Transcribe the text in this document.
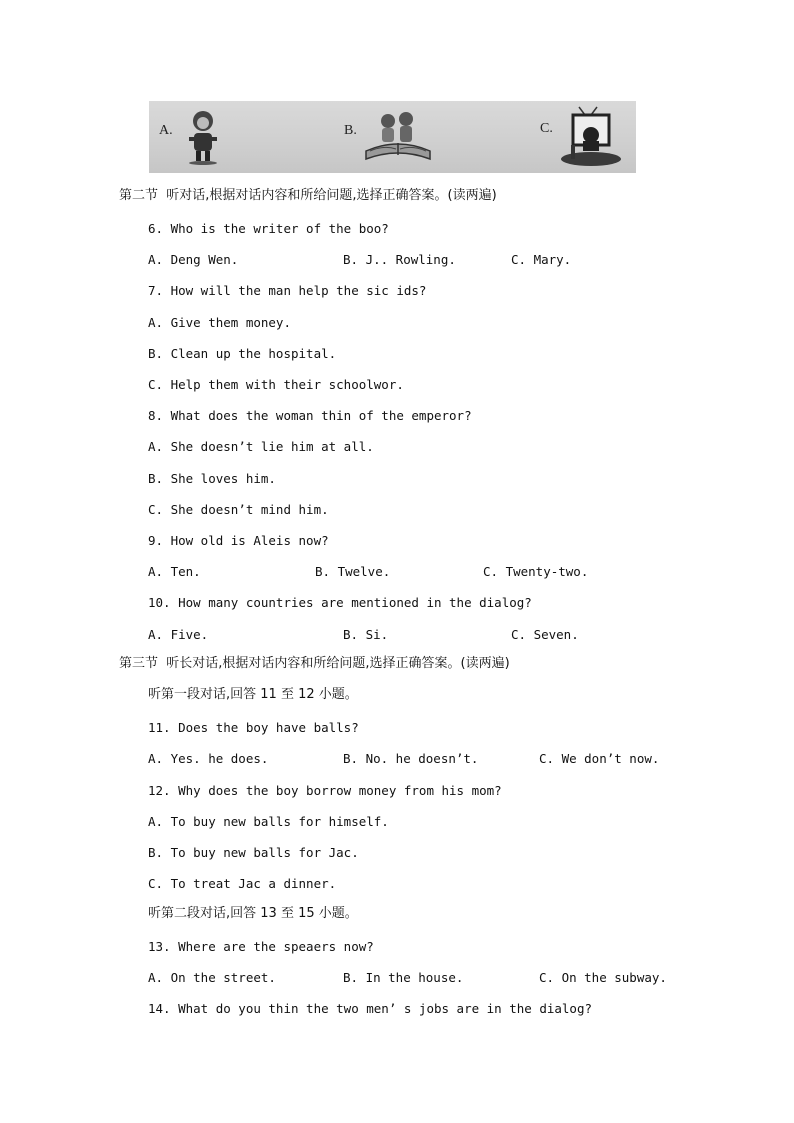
A.	B.	C.
第二节  听对话,根据对话内容和所给问题,选择正确答案。(读两遍)
6. Who is the writer of the boo?
A. Deng Wen.	B. J.. Rowling.	C. Mary.
7. How will the man help the sic ids?
A. Give them money.
B. Clean up the hospital.
C. Help them with their schoolwor.
8. What does the woman thin of the emperor?
A. She doesn’t lie him at all.
B. She loves him.
C. She doesn’t mind him.
9. How old is Aleis now?
A. Ten.	B. Twelve.	C. Twenty-two.
10. How many countries are mentioned in the dialog?
A. Five.	B. Si.	C. Seven.
第三节  听长对话,根据对话内容和所给问题,选择正确答案。(读两遍)
听第一段对话,回答 11 至 12 小题。
11. Does the boy have balls?
A. Yes. he does.	B. No. he doesn’t.	C. We don’t now.
12. Why does the boy borrow money from his mom?
A. To buy new balls for himself.
B. To buy new balls for Jac.
C. To treat Jac a dinner.
听第二段对话,回答 13 至 15 小题。
13. Where are the speaers now?
A. On the street.	B. In the house.	C. On the subway.
14. What do you thin the two men’ s jobs are in the dialog?
